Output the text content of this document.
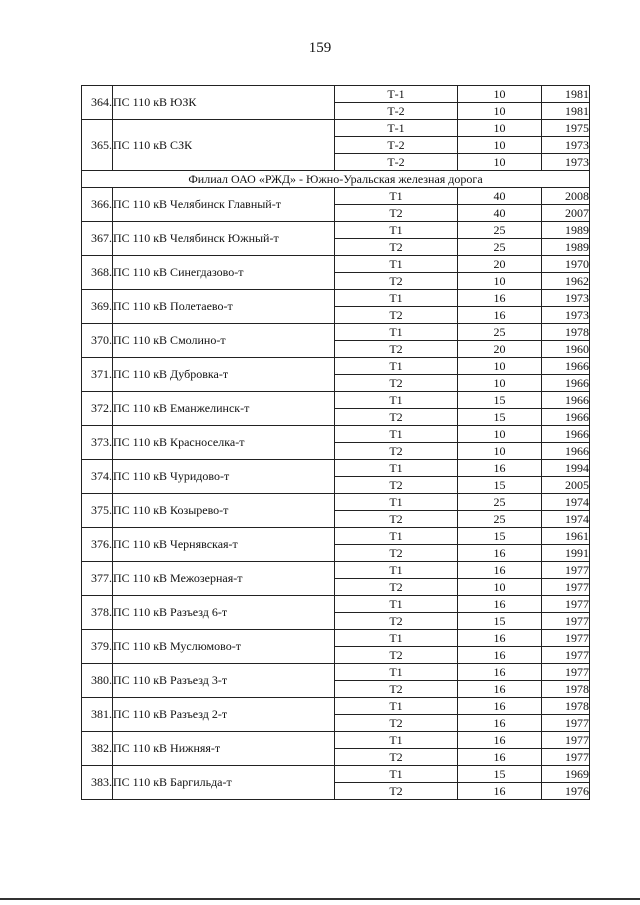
159
364.	ПС 110 кВ ЮЗК	Т-1	10	1981
		Т-2	10	1981
365.	ПС 110 кВ СЗК	Т-1	10	1975
		Т-2	10	1973
		Т-2	10	1973
Филиал ОАО «РЖД» - Южно-Уральская железная дорога				
366.	ПС 110 кВ Челябинск Главный-т	Т1	40	2008
		Т2	40	2007
367.	ПС 110 кВ Челябинск Южный-т	Т1	25	1989
		Т2	25	1989
368.	ПС 110 кВ Синегдазово-т	Т1	20	1970
		Т2	10	1962
369.	ПС 110 кВ Полетаево-т	Т1	16	1973
		Т2	16	1973
370.	ПС 110 кВ Смолино-т	Т1	25	1978
		Т2	20	1960
371.	ПС 110 кВ Дубровка-т	Т1	10	1966
		Т2	10	1966
372.	ПС 110 кВ Еманжелинск-т	Т1	15	1966
		Т2	15	1966
373.	ПС 110 кВ Красноселка-т	Т1	10	1966
		Т2	10	1966
374.	ПС 110 кВ Чуридово-т	Т1	16	1994
		Т2	15	2005
375.	ПС 110 кВ Козырево-т	Т1	25	1974
		Т2	25	1974
376.	ПС 110 кВ Чернявская-т	Т1	15	1961
		Т2	16	1991
377.	ПС 110 кВ Межозерная-т	Т1	16	1977
		Т2	10	1977
378.	ПС 110 кВ Разъезд 6-т	Т1	16	1977
		Т2	15	1977
379.	ПС 110 кВ Муслюмово-т	Т1	16	1977
		Т2	16	1977
380.	ПС 110 кВ Разъезд 3-т	Т1	16	1977
		Т2	16	1978
381.	ПС 110 кВ Разъезд 2-т	Т1	16	1978
		Т2	16	1977
382.	ПС 110 кВ Нижняя-т	Т1	16	1977
		Т2	16	1977
383.	ПС 110 кВ Баргильда-т	Т1	15	1969
		Т2	16	1976
